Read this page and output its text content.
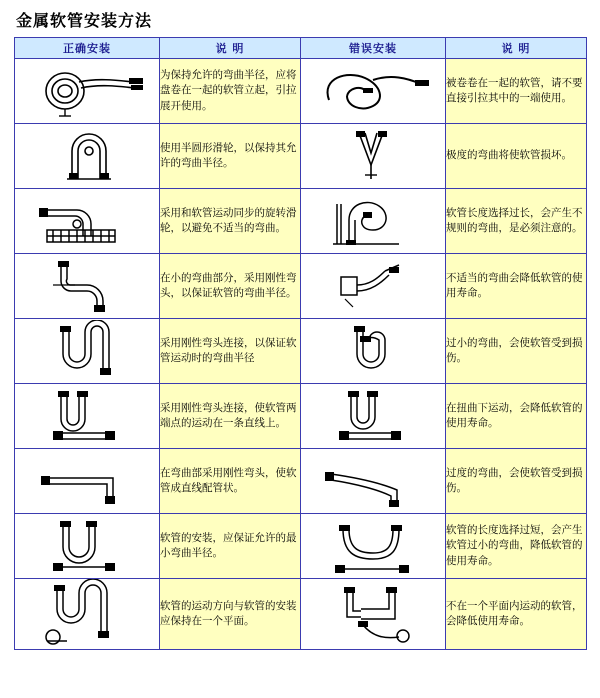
金属软管安装方法
正确安装	说 明	错误安装	说 明

	为保持允许的弯曲半径，应将盘卷在一起的软管立起，引拉展开使用。		被卷卷在一起的软管，请不要直接引拉其中的一端使用。

	使用半圆形滑轮，以保持其允许的弯曲半径。		极度的弯曲将使软管损坏。

	采用和软管运动同步的旋转滑轮，以避免不适当的弯曲。		软管长度选择过长，会产生不规则的弯曲，是必须注意的。

	在小的弯曲部分，采用刚性弯头，以保证软管的弯曲半径。		不适当的弯曲会降低软管的使用寿命。

	采用刚性弯头连接，以保证软管运动时的弯曲半径		过小的弯曲，会使软管受到损伤。

	采用刚性弯头连接，使软管两端点的运动在一条直线上。		在扭曲下运动，会降低软管的使用寿命。

	在弯曲部采用刚性弯头，使软管成直线配管状。		过度的弯曲，会使软管受到损伤。

	软管的安装，应保证允许的最小弯曲半径。		软管的长度选择过短，会产生软管过小的弯曲，降低软管的使用寿命。

	软管的运动方向与软管的安装应保持在一个平面。		不在一个平面内运动的软管，会降低使用寿命。
